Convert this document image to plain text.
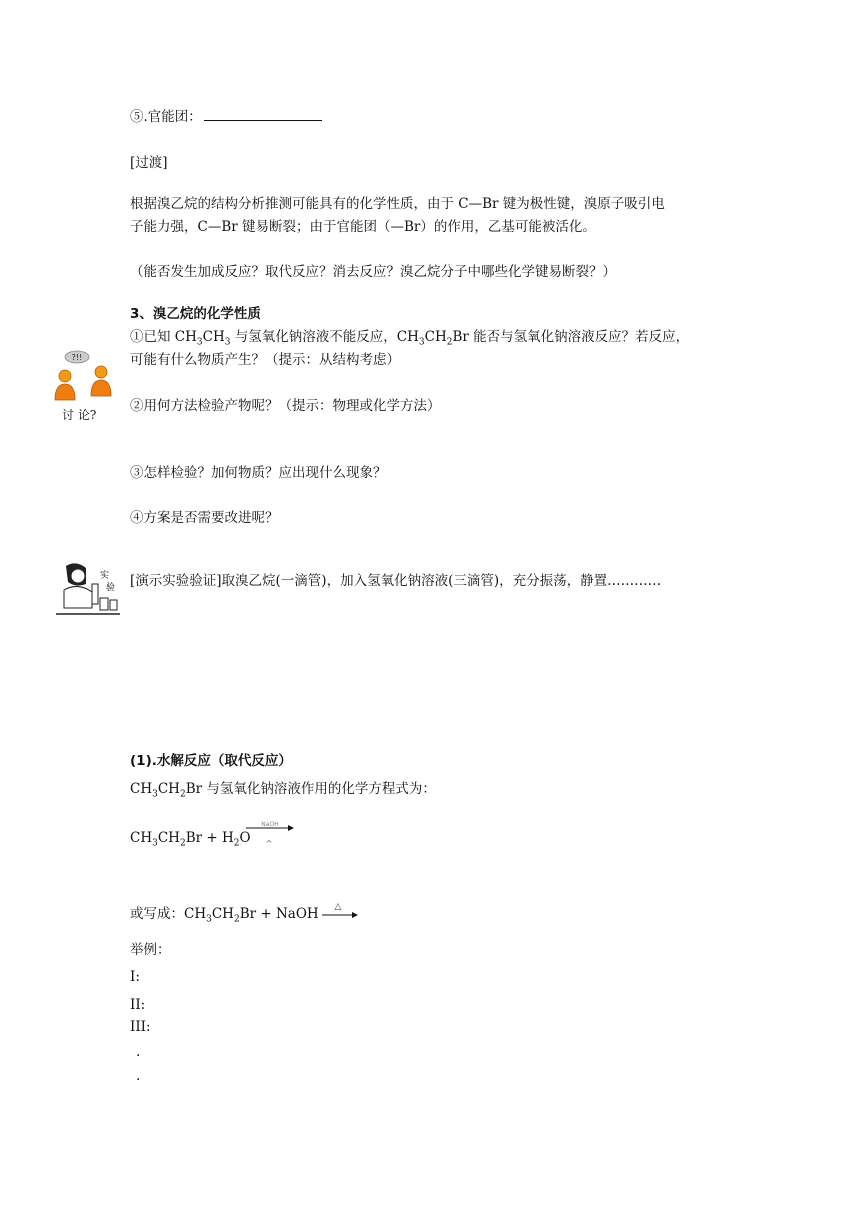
⑤.官能团：
[过渡]
根据溴乙烷的结构分析推测可能具有的化学性质，由于 C—Br 键为极性键，溴原子吸引电
子能力强，C—Br 键易断裂；由于官能团（—Br）的作用，乙基可能被活化。
（能否发生加成反应？取代反应？消去反应？溴乙烷分子中哪些化学键易断裂？）
3、溴乙烷的化学性质
①已知 $CH_3CH_3$ 与氢氧化钠溶液不能反应，$CH_3CH_2Br$ 能否与氢氧化钠溶液反应？若反应，
可能有什么物质产生？（提示：从结构考虑）
②用何方法检验产物呢？（提示：物理或化学方法）
③怎样检验？加何物质？应出现什么现象？
④方案是否需要改进呢？
?!!
讨 论?
实
验 [演示实验验证]取溴乙烷(一滴管)，加入氢氧化钠溶液(三滴管)，充分振荡，静置…………
(1).水解反应（取代反应）
$CH_3CH_2Br$ 与氢氧化钠溶液作用的化学方程式为：
$CH_3CH_2Br + H_2O$
NaOH
^
或写成：$CH_3CH_2Br$ + NaOH △
举例：
Ⅰ:
ⅠⅠ:
ⅠⅠⅠ:
.
.
